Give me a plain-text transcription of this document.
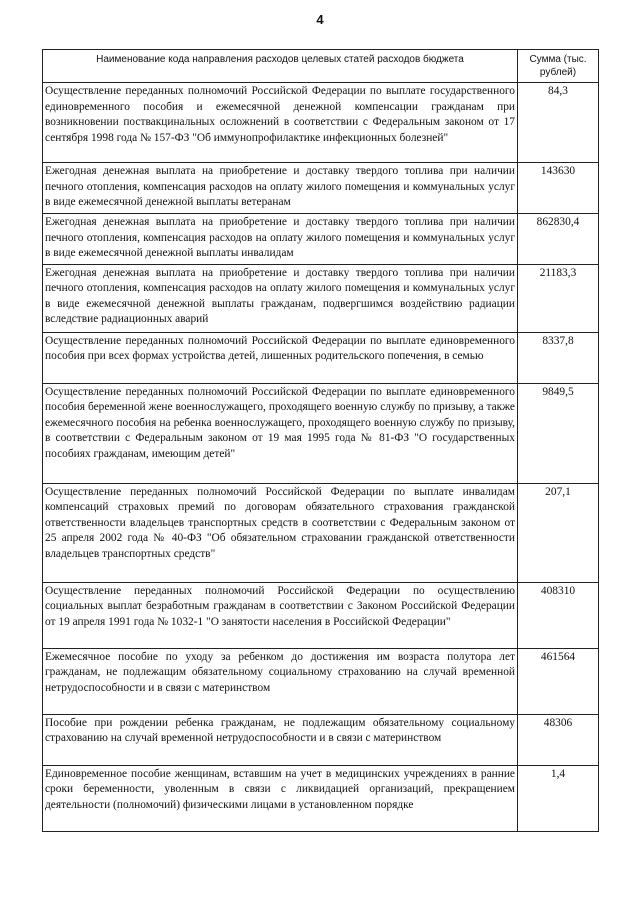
4
Наименование кода направления расходов целевых статей расходов бюджета	Сумма (тыс. рублей)
Осуществление переданных полномочий Российской Федерации по выплате государственного единовременного пособия и ежемесячной денежной компенсации гражданам при возникновении поствакцинальных осложнений в соответствии с Федеральным законом от 17 сентября 1998 года № 157-ФЗ "Об иммунопрофилактике инфекционных болезней"	84,3
Ежегодная денежная выплата на приобретение и доставку твердого топлива при наличии печного отопления, компенсация расходов на оплату жилого помещения и коммунальных услуг в виде ежемесячной денежной выплаты ветеранам	143630
Ежегодная денежная выплата на приобретение и доставку твердого топлива при наличии печного отопления, компенсация расходов на оплату жилого помещения и коммунальных услуг в виде ежемесячной денежной выплаты инвалидам	862830,4
Ежегодная денежная выплата на приобретение и доставку твердого топлива при наличии печного отопления, компенсация расходов на оплату жилого помещения и коммунальных услуг в виде ежемесячной денежной выплаты гражданам, подвергшимся воздействию радиации вследствие радиационных аварий	21183,3
Осуществление переданных полномочий Российской Федерации по выплате единовременного пособия при всех формах устройства детей, лишенных родительского попечения, в семью	8337,8
Осуществление переданных полномочий Российской Федерации по выплате единовременного пособия беременной жене военнослужащего, проходящего военную службу по призыву, а также ежемесячного пособия на ребенка военнослужащего, проходящего военную службу по призыву, в соответствии с Федеральным законом от 19 мая 1995 года № 81-ФЗ "О государственных пособиях гражданам, имеющим детей"	9849,5
Осуществление переданных полномочий Российской Федерации по выплате инвалидам компенсаций страховых премий по договорам обязательного страхования гражданской ответственности владельцев транспортных средств в соответствии с Федеральным законом от 25 апреля 2002 года № 40-ФЗ "Об обязательном страховании гражданской ответственности владельцев транспортных средств"	207,1
Осуществление переданных полномочий Российской Федерации по осуществлению социальных выплат безработным гражданам в соответствии с Законом Российской Федерации от 19 апреля 1991 года № 1032-1 "О занятости населения в Российской Федерации"	408310
Ежемесячное пособие по уходу за ребенком до достижения им возраста полутора лет гражданам, не подлежащим обязательному социальному страхованию на случай временной нетрудоспособности и в связи с материнством	461564
Пособие при рождении ребенка гражданам, не подлежащим обязательному социальному страхованию на случай временной нетрудоспособности и в связи с материнством	48306
Единовременное пособие женщинам, вставшим на учет в медицинских учреждениях в ранние сроки беременности, уволенным в связи с ликвидацией организаций, прекращением деятельности (полномочий) физическими лицами в установленном порядке	1,4
